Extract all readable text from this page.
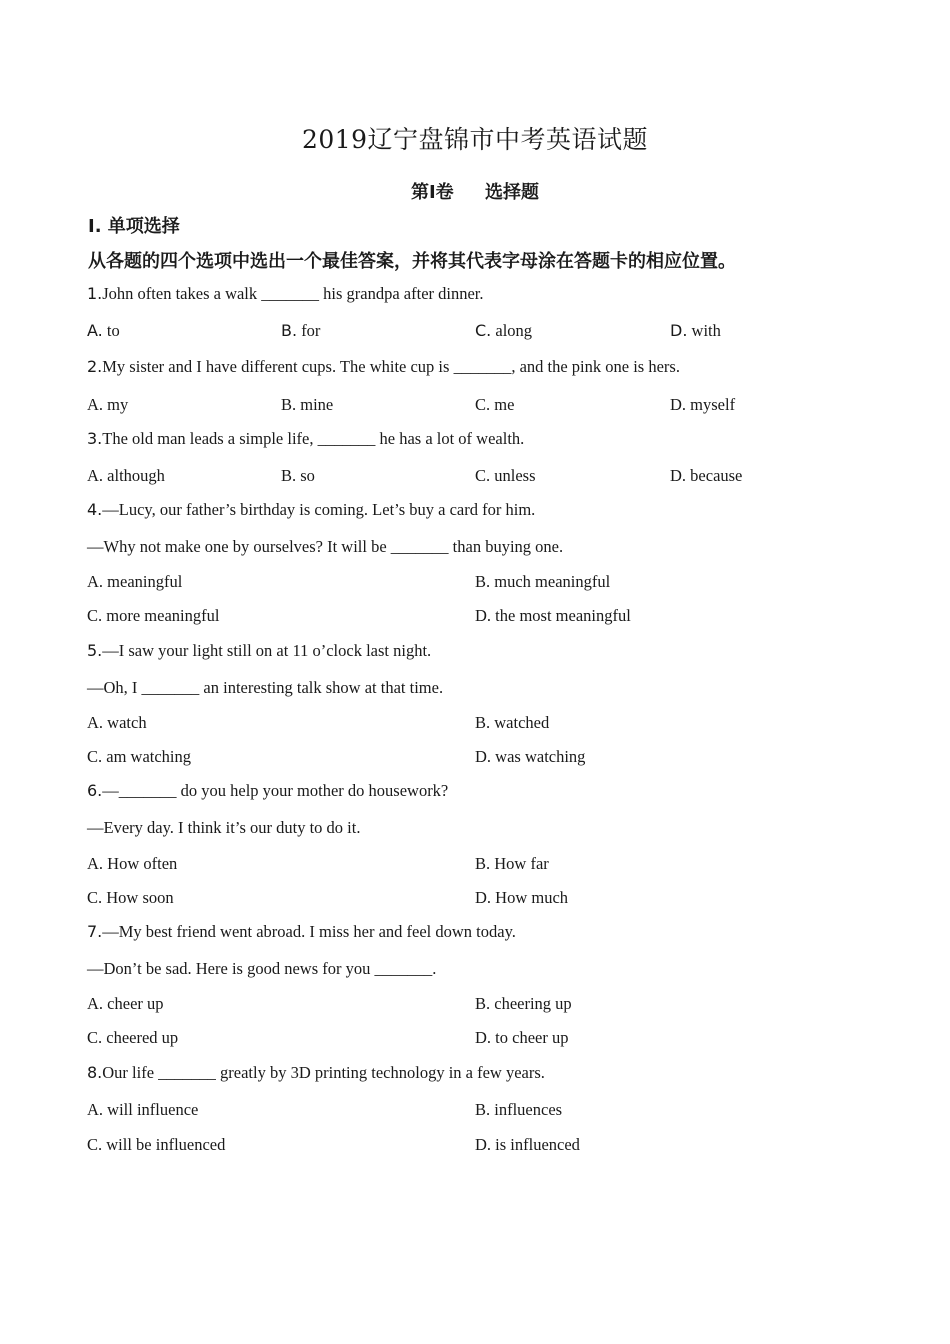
2019辽宁盘锦市中考英语试题
第Ⅰ卷     选择题
Ⅰ. 单项选择
从各题的四个选项中选出一个最佳答案，并将其代表字母涂在答题卡的相应位置。
1.John often takes a walk _______ his grandpa after dinner.
A. to	B. for	C. along	D. with
2.My sister and I have different cups. The white cup is _______, and the pink one is hers.
A. my	B. mine	C. me	D. myself
3.The old man leads a simple life, _______ he has a lot of wealth.
A. although	B. so	C. unless	D. because
4.—Lucy, our father’s birthday is coming. Let’s buy a card for him.
—Why not make one by ourselves? It will be _______ than buying one.
A. meaningful	B. much meaningful
C. more meaningful	D. the most meaningful
5.—I saw your light still on at 11 o’clock last night.
—Oh, I _______ an interesting talk show at that time.
A. watch	B. watched
C. am watching	D. was watching
6.—_______ do you help your mother do housework?
—Every day. I think it’s our duty to do it.
A. How often	B. How far
C. How soon	D. How much
7.—My best friend went abroad. I miss her and feel down today.
—Don’t be sad. Here is good news for you _______.
A. cheer up	B. cheering up
C. cheered up	D. to cheer up
8.Our life _______ greatly by 3D printing technology in a few years.
A. will influence	B. influences
C. will be influenced	D. is influenced
